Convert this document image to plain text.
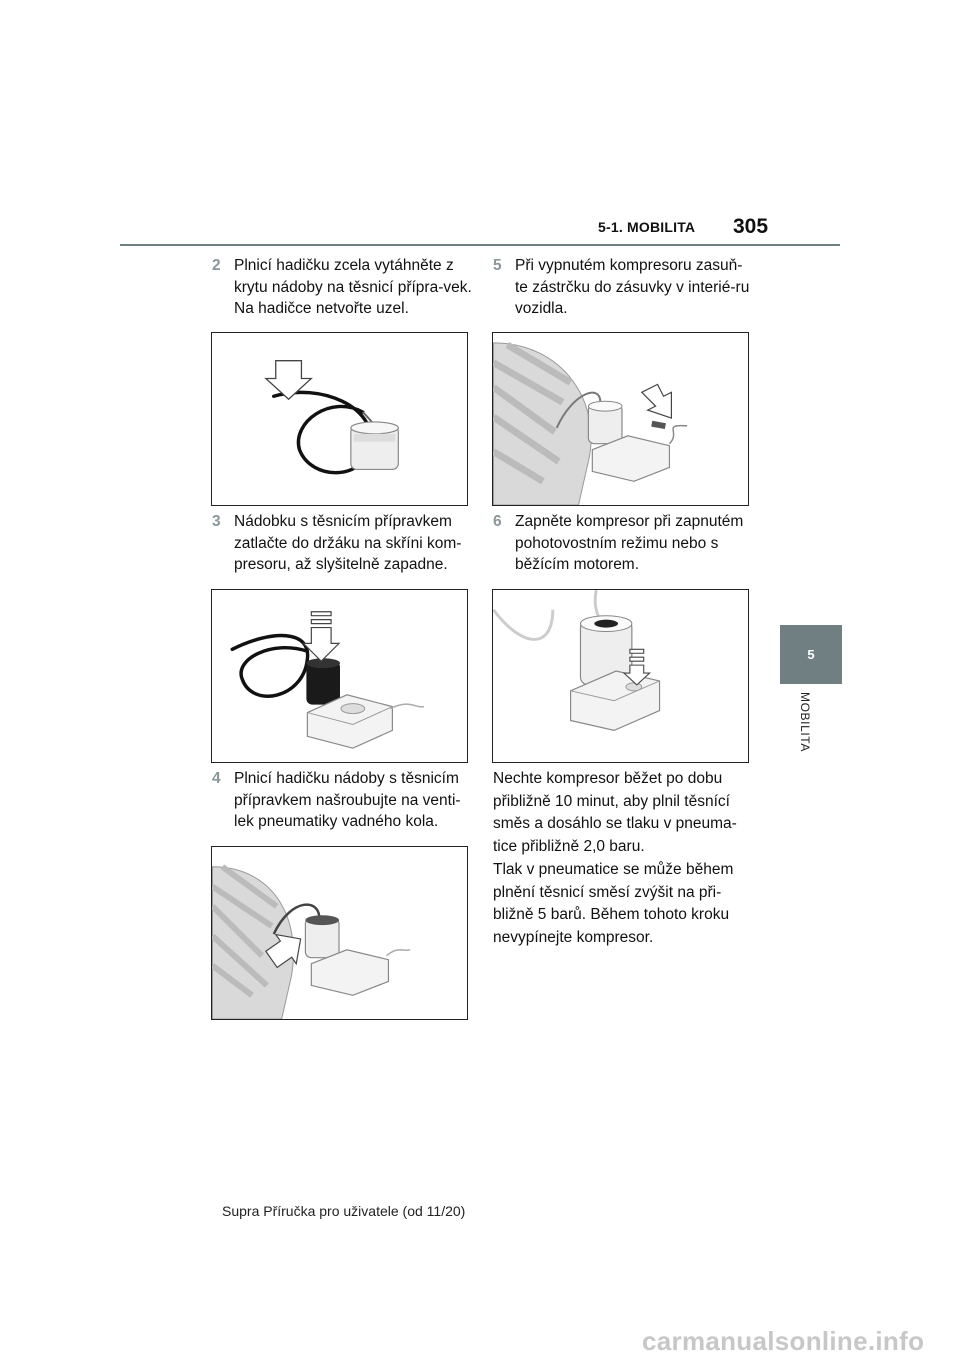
5-1. MOBILITA 305
5
MOBILITA
2 Plnicí hadičku zcela vytáhněte z krytu nádoby na těsnicí přípra-vek. Na hadičce netvořte uzel.
3 Nádobku s těsnicím přípravkem zatlačte do držáku na skříni kom-presoru, až slyšitelně zapadne.
4 Plnicí hadičku nádoby s těsnicím přípravkem našroubujte na venti-lek pneumatiky vadného kola.
5 Při vypnutém kompresoru zasuň-te zástrčku do zásuvky v interié-ru vozidla.
6 Zapněte kompresor při zapnutém pohotovostním režimu nebo s běžícím motorem.
Nechte kompresor běžet po dobu přibližně 10 minut, aby plnil těsnící směs a dosáhlo se tlaku v pneuma-tice přibližně 2,0 baru.
Tlak v pneumatice se může během plnění těsnicí směsí zvýšit na při-bližně 5 barů. Během tohoto kroku nevypínejte kompresor.
Supra Příručka pro uživatele (od 11/20)
carmanualsonline.info
